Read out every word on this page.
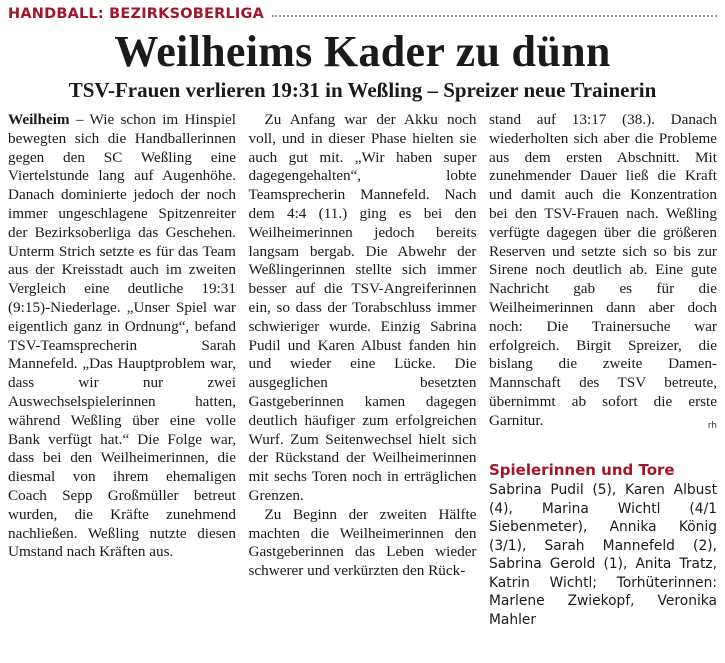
HANDBALL: BEZIRKSOBERLIGA
Weilheims Kader zu dünn
TSV-Frauen verlieren 19:31 in Weßling – Spreizer neue Trainerin

Weilheim – Wie schon im Hinspiel bewegten sich die Handballerinnen gegen den SC Weßling eine Viertelstunde lang auf Augenhöhe. Danach dominierte jedoch der noch immer ungeschlagene Spitzenreiter der Bezirksoberliga das Geschehen. Unterm Strich setzte es für das Team aus der Kreisstadt auch im zweiten Vergleich eine deutliche 19:31 (9:15)-Niederlage. „Unser Spiel war eigentlich ganz in Ordnung“, befand TSV-Teamsprecherin Sarah Mannefeld. „Das Hauptproblem war, dass wir nur zwei Auswechselspielerinnen hatten, während Weßling über eine volle Bank verfügt hat.“ Die Folge war, dass bei den Weilheimerinnen, die diesmal von ihrem ehemaligen Coach Sepp Großmüller betreut wurden, die Kräfte zunehmend nachließen. Weßling nutzte diesen Umstand nach Kräften aus.

Zu Anfang war der Akku noch voll, und in dieser Phase hielten sie auch gut mit. „Wir haben super dagegengehalten“, lobte Teamsprecherin Mannefeld. Nach dem 4:4 (11.) ging es bei den Weilheimerinnen jedoch bereits langsam bergab. Die Abwehr der Weßlingerinnen stellte sich immer besser auf die TSV-Angreiferinnen ein, so dass der Torabschluss immer schwieriger wurde. Einzig Sabrina Pudil und Karen Albust fanden hin und wieder eine Lücke. Die ausgeglichen besetzten Gastgeberinnen kamen dagegen deutlich häufiger zum erfolgreichen Wurf. Zum Seitenwechsel hielt sich der Rückstand der Weilheimerinnen mit sechs Toren noch in erträglichen Grenzen.

Zu Beginn der zweiten Hälfte machten die Weilheimerinnen den Gastgeberinnen das Leben wieder schwerer und verkürzten den Rück-

stand auf 13:17 (38.). Danach wiederholten sich aber die Probleme aus dem ersten Abschnitt. Mit zunehmender Dauer ließ die Kraft und damit auch die Konzentration bei den TSV-Frauen nach. Weßling verfügte dagegen über die größeren Reserven und setzte sich so bis zur Sirene noch deutlich ab. Eine gute Nachricht gab es für die Weilheimerinnen dann aber doch noch: Die Trainersuche war erfolgreich. Birgit Spreizer, die bislang die zweite Damen-Mannschaft des TSV betreute, übernimmt ab sofort die erste Garnitur.	rh

Spielerinnen und Tore
Sabrina Pudil (5), Karen Albust (4), Marina Wichtl (4/1 Siebenmeter), Annika König (3/1), Sarah Mannefeld (2), Sabrina Gerold (1), Anita Tratz, Katrin Wichtl; Torhüterinnen: Marlene Zwiekopf, Veronika Mahler
